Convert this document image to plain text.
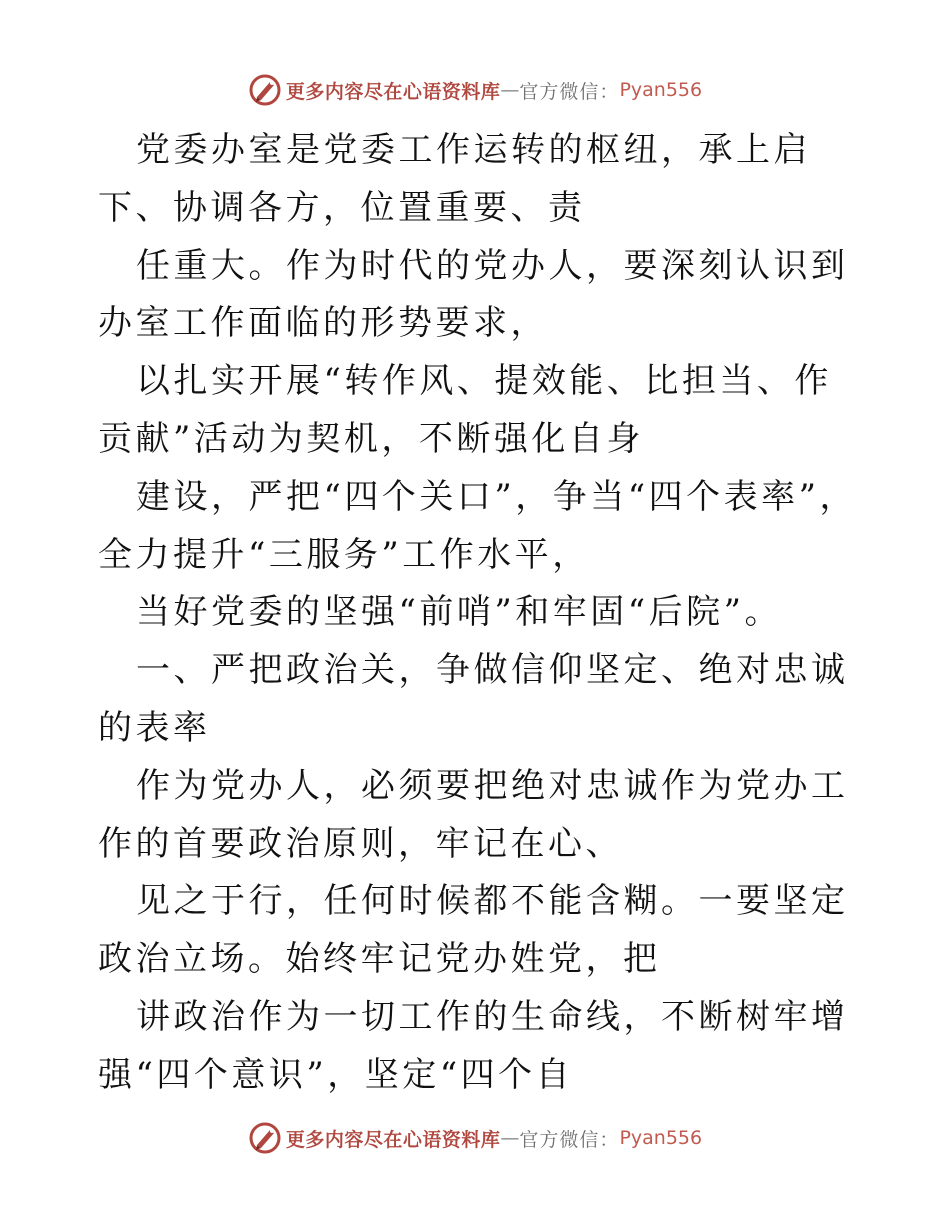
更多内容尽在心语资料库 — 官方微信： Pyan556

党委办室是党委工作运转的枢纽，承上启下、协调各方，位置重要、责

任重大。作为时代的党办人，要深刻认识到办室工作面临的形势要求，

以扎实开展“转作风、提效能、比担当、作贡献”活动为契机，不断强化自身

建设，严把“四个关口”，争当“四个表率”，全力提升“三服务”工作水平，

当好党委的坚强“前哨”和牢固“后院”。

一、严把政治关，争做信仰坚定、绝对忠诚的表率

作为党办人，必须要把绝对忠诚作为党办工作的首要政治原则，牢记在心、

见之于行，任何时候都不能含糊。一要坚定政治立场。始终牢记党办姓党，把

讲政治作为一切工作的生命线，不断树牢增强“四个意识”，坚定“四个自

更多内容尽在心语资料库 — 官方微信： Pyan556
